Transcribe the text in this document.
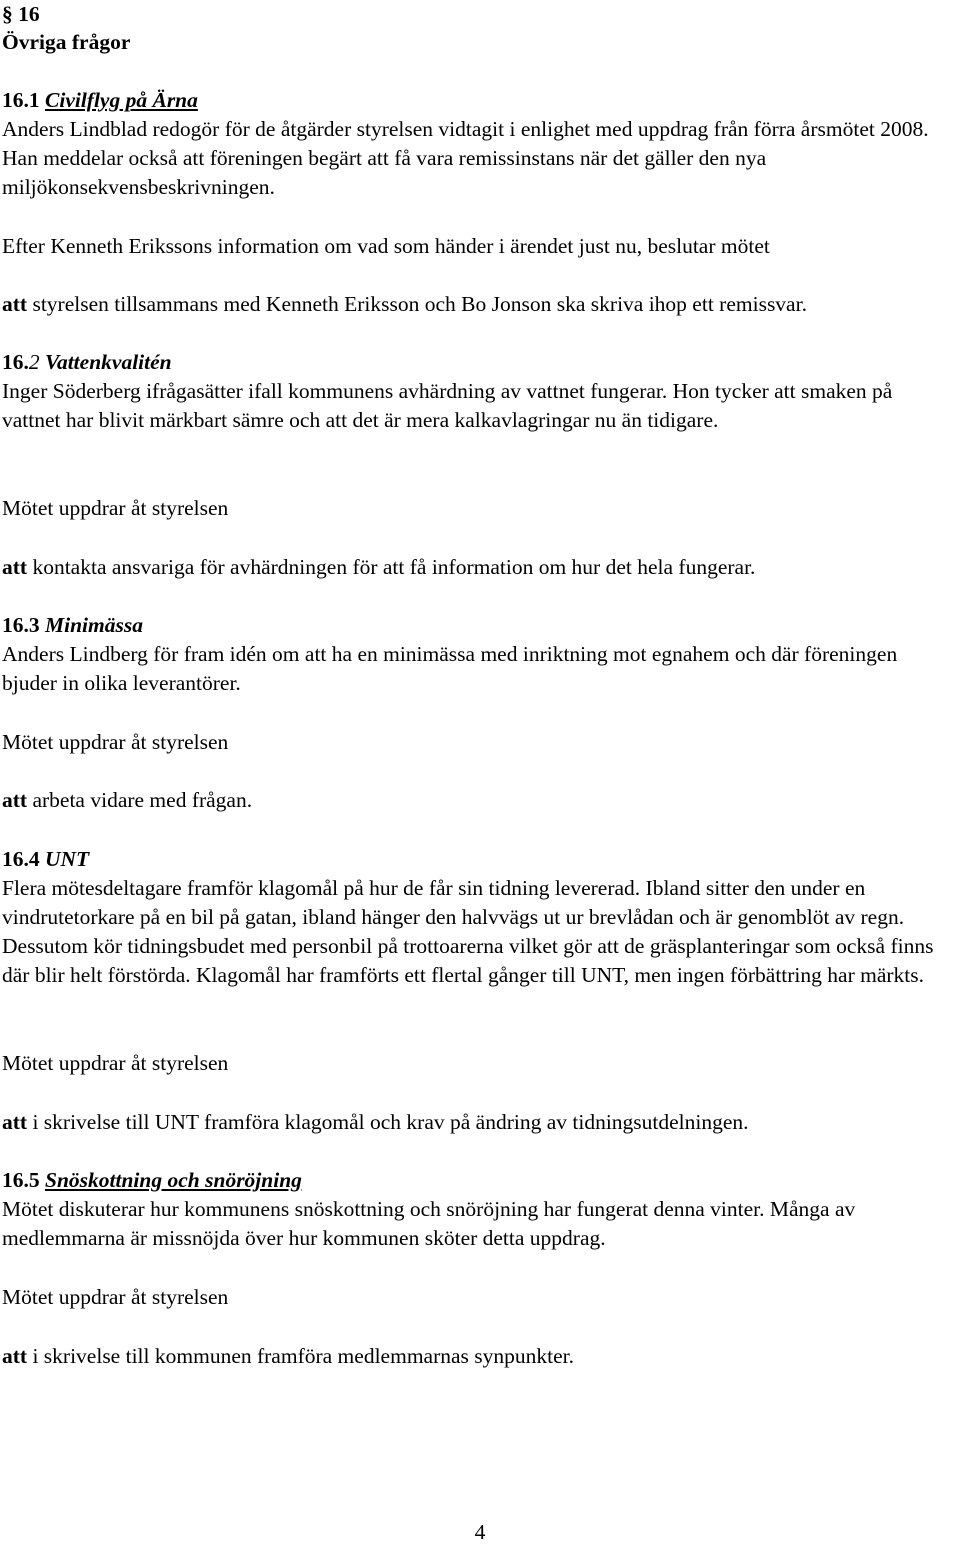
§ 16
Övriga frågor
16.1 Civilflyg på Ärna

Anders Lindblad redogör för de åtgärder styrelsen vidtagit i enlighet med uppdrag från förra årsmötet 2008. Han meddelar också att föreningen begärt att få vara remissinstans när det gäller den nya miljökonsekvensbeskrivningen.

Efter Kenneth Erikssons information om vad som händer i ärendet just nu, beslutar mötet

att styrelsen tillsammans med Kenneth Eriksson och Bo Jonson ska skriva ihop ett remissvar.

16.2 Vattenkvalitén

Inger Söderberg ifrågasätter ifall kommunens avhärdning av vattnet fungerar. Hon tycker att smaken på vattnet har blivit märkbart sämre och att det är mera kalkavlagringar nu än tidigare.

Mötet uppdrar åt styrelsen

att kontakta ansvariga för avhärdningen för att få information om hur det hela fungerar.

16.3 Minimässa

Anders Lindberg för fram idén om att ha en minimässa med inriktning mot egnahem och där föreningen bjuder in olika leverantörer.

Mötet uppdrar åt styrelsen

att arbeta vidare med frågan.

16.4 UNT

Flera mötesdeltagare framför klagomål på hur de får sin tidning levererad. Ibland sitter den under en vindrutetorkare på en bil på gatan, ibland hänger den halvvägs ut ur brevlådan och är genomblöt av regn. Dessutom kör tidningsbudet med personbil på trottoarerna vilket gör att de gräsplanteringar som också finns där blir helt förstörda. Klagomål har framförts ett flertal gånger till UNT, men ingen förbättring har märkts.

Mötet uppdrar åt styrelsen

att i skrivelse till UNT framföra klagomål och krav på ändring av tidningsutdelningen.

16.5 Snöskottning och snöröjning

Mötet diskuterar hur kommunens snöskottning och snöröjning har fungerat denna vinter. Många av medlemmarna är missnöjda över hur kommunen sköter detta uppdrag.

Mötet uppdrar åt styrelsen

att i skrivelse till kommunen framföra medlemmarnas synpunkter.

4
